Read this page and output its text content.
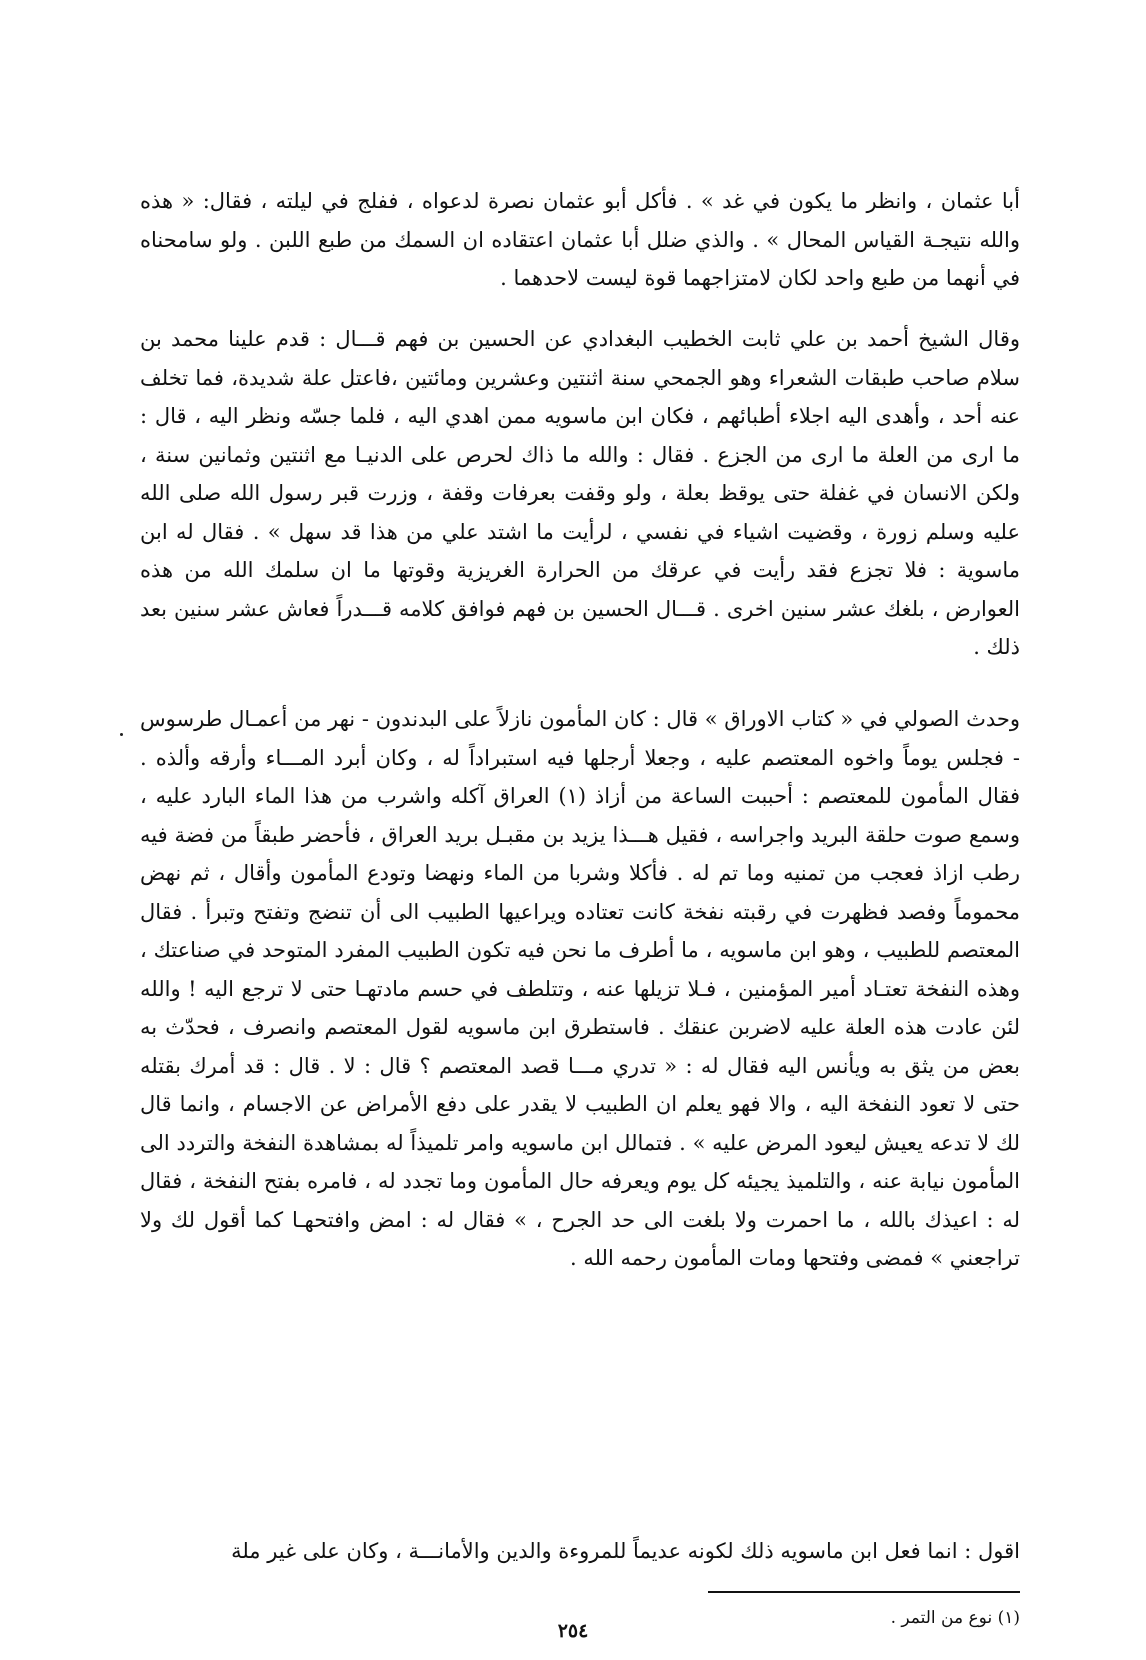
أبا عثمان ، وانظر ما يكون في غد » . فأكل أبو عثمان نصرة لدعواه ، ففلج في ليلته ، فقال: « هذه والله نتيجـة القياس المحال » . والذي ضلل أبا عثمان اعتقاده ان السمك من طبع اللبن . ولو سامحناه في أنهما من طبع واحد لكان لامتزاجهما قوة ليست لاحدهما .

وقال الشيخ أحمد بن علي ثابت الخطيب البغدادي عن الحسين بن فهم قـــال : قدم علينا محمد بن سلام صاحب طبقات الشعراء وهو الجمحي سنة اثنتين وعشرين ومائتين ،فاعتل علة شديدة، فما تخلف عنه أحد ، وأهدى اليه اجلاء أطبائهم ، فكان ابن ماسويه ممن اهدي اليه ، فلما جسّه ونظر اليه ، قال : ما ارى من العلة ما ارى من الجزع . فقال : والله ما ذاك لحرص على الدنيـا مع اثنتين وثمانين سنة ، ولكن الانسان في غفلة حتى يوقظ بعلة ، ولو وقفت بعرفات وقفة ، وزرت قبر رسول الله صلى الله عليه وسلم زورة ، وقضيت اشياء في نفسي ، لرأيت ما اشتد علي من هذا قد سهل » . فقال له ابن ماسوية : فلا تجزع فقد رأيت في عرقك من الحرارة الغريزية وقوتها ما ان سلمك الله من هذه العوارض ، بلغك عشر سنين اخرى . قـــال الحسين بن فهم فوافق كلامه قـــدراً فعاش عشر سنين بعد ذلك .

وحدث الصولي في « كتاب الاوراق » قال : كان المأمون نازلاً على البدندون - نهر من أعمـال طرسوس - فجلس يوماً واخوه المعتصم عليه ، وجعلا أرجلها فيه استبراداً له ، وكان أبرد المـــاء وأرقه وألذه . فقال المأمون للمعتصم : أحببت الساعة من أزاذ (١) العراق آكله واشرب من هذا الماء البارد عليه ، وسمع صوت حلقة البريد واجراسه ، فقيل هـــذا يزيد بن مقبـل بريد العراق ، فأحضر طبقاً من فضة فيه رطب ازاذ فعجب من تمنيه وما تم له . فأكلا وشربا من الماء ونهضا وتودع المأمون وأقال ، ثم نهض محموماً وفصد فظهرت في رقبته نفخة كانت تعتاده ويراعيها الطبيب الى أن تنضج وتفتح وتبرأ . فقال المعتصم للطبيب ، وهو ابن ماسويه ، ما أطرف ما نحن فيه تكون الطبيب المفرد المتوحد في صناعتك ، وهذه النفخة تعتـاد أمير المؤمنين ، فـلا تزيلها عنه ، وتتلطف في حسم مادتهـا حتى لا ترجع اليه ! والله لئن عادت هذه العلة عليه لاضربن عنقك . فاستطرق ابن ماسويه لقول المعتصم وانصرف ، فحدّث به بعض من يثق به ويأنس اليه فقال له : « تدري مـــا قصد المعتصم ؟ قال : لا . قال : قد أمرك بقتله حتى لا تعود النفخة اليه ، والا فهو يعلم ان الطبيب لا يقدر على دفع الأمراض عن الاجسام ، وانما قال لك لا تدعه يعيش ليعود المرض عليه » . فتمالل ابن ماسويه وامر تلميذاً له بمشاهدة النفخة والتردد الى المأمون نيابة عنه ، والتلميذ يجيئه كل يوم ويعرفه حال المأمون وما تجدد له ، فامره بفتح النفخة ، فقال له : اعيذك بالله ، ما احمرت ولا بلغت الى حد الجرح ، » فقال له : امض وافتحهـا كما أقول لك ولا تراجعني » فمضى وفتحها ومات المأمون رحمه الله .

اقول : انما فعل ابن ماسويه ذلك لكونه عديماً للمروءة والدين والأمانـــة ، وكان على غير ملة

(١) نوع من التمر .
٢٥٤
